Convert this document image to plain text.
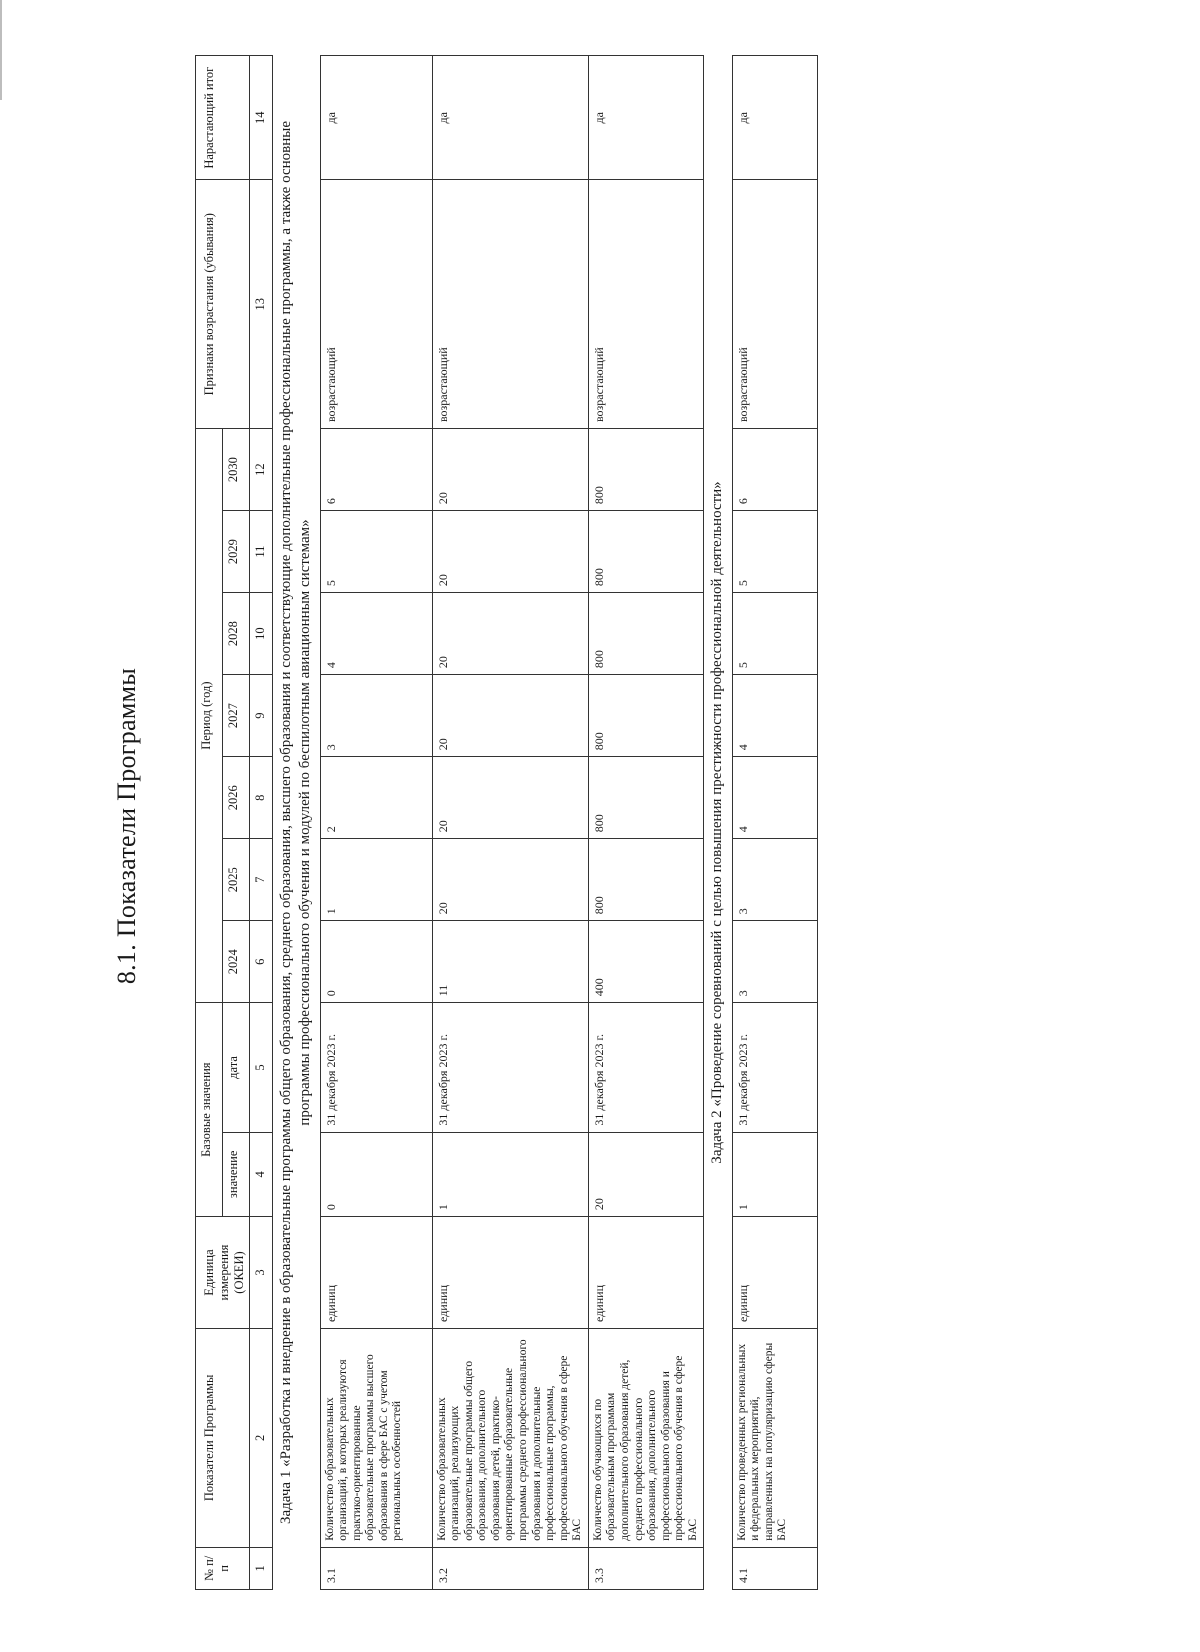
8.1. Показатели Программы
№ п/п	Показатели Программы	Единица измерения (ОКЕИ)	Базовые значения		Период (год)							Признаки возрастания (убывания)	Нарастающий итог
			значение	дата	2024	2025	2026	2027	2028	2029	2030		
1	2	3	4	5	6	7	8	9	10	11	12	13	14
Задача 1 «Разработка и внедрение в образовательные программы общего образования, среднего образования, высшего образования и соответствующие дополнительные профессиональные программы, а также основные программы профессионального обучения и модулей по беспилотным авиационным системам»													
3.1	Количество образовательных организаций, в которых реализуются практико-ориентированные образовательные программы высшего образования в сфере БАС с учетом региональных особенностей	единиц	0	31 декабря 2023 г.	0	1	2	3	4	5	6	возрастающий	да
3.2	Количество образовательных организаций, реализующих образовательные программы общего образования, дополнительного образования детей, практико-ориентированные образовательные программы среднего профессионального образования и дополнительные профессиональные программы, профессионального обучения в сфере БАС	единиц	1	31 декабря 2023 г.	11	20	20	20	20	20	20	возрастающий	да
3.3	Количество обучающихся по образовательным программам дополнительного образования детей, среднего профессионального образования, дополнительного профессионального образования и профессионального обучения в сфере БАС	единиц	20	31 декабря 2023 г.	400	800	800	800	800	800	800	возрастающий	да
Задача 2 «Проведение соревнований с целью повышения престижности профессиональной деятельности»													
4.1	Количество проведенных региональных и федеральных мероприятий, направленных на популяризацию сферы БАС	единиц	1	31 декабря 2023 г.	3	3	4	4	5	5	6	возрастающий	да
